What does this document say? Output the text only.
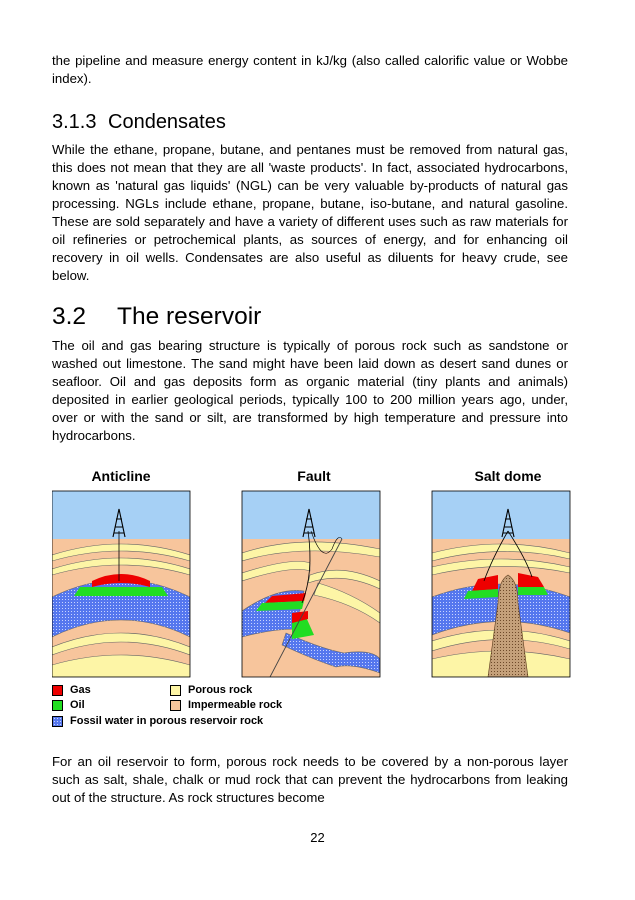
the pipeline and measure energy content in kJ/kg (also called calorific value or Wobbe index).

3.1.3 Condensates

While the ethane, propane, butane, and pentanes must be removed from natural gas, this does not mean that they are all 'waste products'. In fact, associated hydrocarbons, known as 'natural gas liquids' (NGL) can be very valuable by-products of natural gas processing. NGLs include ethane, propane, butane, iso-butane, and natural gasoline. These are sold separately and have a variety of different uses such as raw materials for oil refineries or petrochemical plants, as sources of energy, and for enhancing oil recovery in oil wells. Condensates are also useful as diluents for heavy crude, see below.

3.2 The reservoir

The oil and gas bearing structure is typically of porous rock such as sandstone or washed out limestone. The sand might have been laid down as desert sand dunes or seafloor. Oil and gas deposits form as organic material (tiny plants and animals) deposited in earlier geological periods, typically 100 to 200 million years ago, under, over or with the sand or silt, are transformed by high temperature and pressure into hydrocarbons.

Anticline	Fault	Salt dome
Gas
Oil
Fossil water in porous reservoir rock
Porous rock
Impermeable rock

For an oil reservoir to form, porous rock needs to be covered by a non-porous layer such as salt, shale, chalk or mud rock that can prevent the hydrocarbons from leaking out of the structure. As rock structures become

22
